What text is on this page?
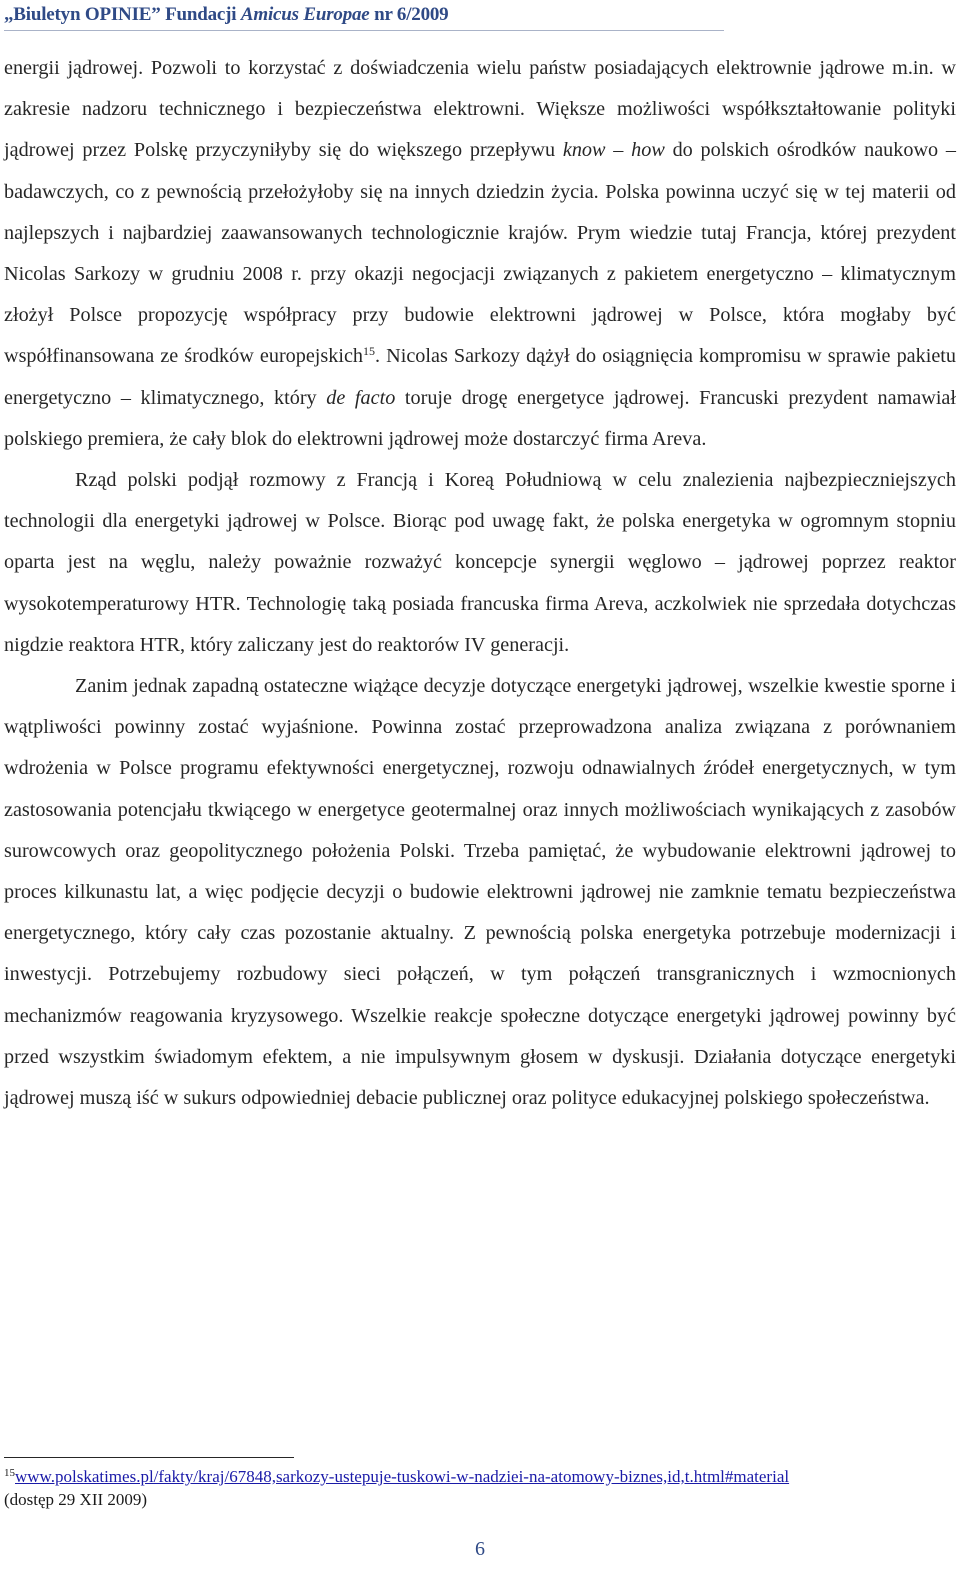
„Biuletyn OPINIE” Fundacji Amicus Europae nr 6/2009

energii jądrowej. Pozwoli to korzystać z doświadczenia wielu państw posiadających elektrownie jądrowe m.in. w zakresie nadzoru technicznego i bezpieczeństwa elektrowni. Większe możliwości współkształtowanie polityki jądrowej przez Polskę przyczyniłyby się do większego przepływu know – how do polskich ośrodków naukowo – badawczych, co z pewnością przełożyłoby się na innych dziedzin życia. Polska powinna uczyć się w tej materii od najlepszych i najbardziej zaawansowanych technologicznie krajów. Prym wiedzie tutaj Francja, której prezydent Nicolas Sarkozy w grudniu 2008 r. przy okazji negocjacji związanych z pakietem energetyczno – klimatycznym złożył Polsce propozycję współpracy przy budowie elektrowni jądrowej w Polsce, która mogłaby być współfinansowana ze środków europejskich$^{15}$. Nicolas Sarkozy dążył do osiągnięcia kompromisu w sprawie pakietu energetyczno – klimatycznego, który de facto toruje drogę energetyce jądrowej. Francuski prezydent namawiał polskiego premiera, że cały blok do elektrowni jądrowej może dostarczyć firma Areva.

Rząd polski podjął rozmowy z Francją i Koreą Południową w celu znalezienia najbezpieczniejszych technologii dla energetyki jądrowej w Polsce. Biorąc pod uwagę fakt, że polska energetyka w ogromnym stopniu oparta jest na węglu, należy poważnie rozważyć koncepcje synergii węglowo – jądrowej poprzez reaktor wysokotemperaturowy HTR. Technologię taką posiada francuska firma Areva, aczkolwiek nie sprzedała dotychczas nigdzie reaktora HTR, który zaliczany jest do reaktorów IV generacji.

Zanim jednak zapadną ostateczne wiążące decyzje dotyczące energetyki jądrowej, wszelkie kwestie sporne i wątpliwości powinny zostać wyjaśnione. Powinna zostać przeprowadzona analiza związana z porównaniem wdrożenia w Polsce programu efektywności energetycznej, rozwoju odnawialnych źródeł energetycznych, w tym zastosowania potencjału tkwiącego w energetyce geotermalnej oraz innych możliwościach wynikających z zasobów surowcowych oraz geopolitycznego położenia Polski. Trzeba pamiętać, że wybudowanie elektrowni jądrowej to proces kilkunastu lat, a więc podjęcie decyzji o budowie elektrowni jądrowej nie zamknie tematu bezpieczeństwa energetycznego, który cały czas pozostanie aktualny. Z pewnością polska energetyka potrzebuje modernizacji i inwestycji. Potrzebujemy rozbudowy sieci połączeń, w tym połączeń transgranicznych i wzmocnionych mechanizmów reagowania kryzysowego. Wszelkie reakcje społeczne dotyczące energetyki jądrowej powinny być przed wszystkim świadomym efektem, a nie impulsywnym głosem w dyskusji. Działania dotyczące energetyki jądrowej muszą iść w sukurs odpowiedniej debacie publicznej oraz polityce edukacyjnej polskiego społeczeństwa.

$^{15}$www.polskatimes.pl/fakty/kraj/67848,sarkozy-ustepuje-tuskowi-w-nadziei-na-atomowy-biznes,id,t.html#material
(dostęp 29 XII 2009)
6
